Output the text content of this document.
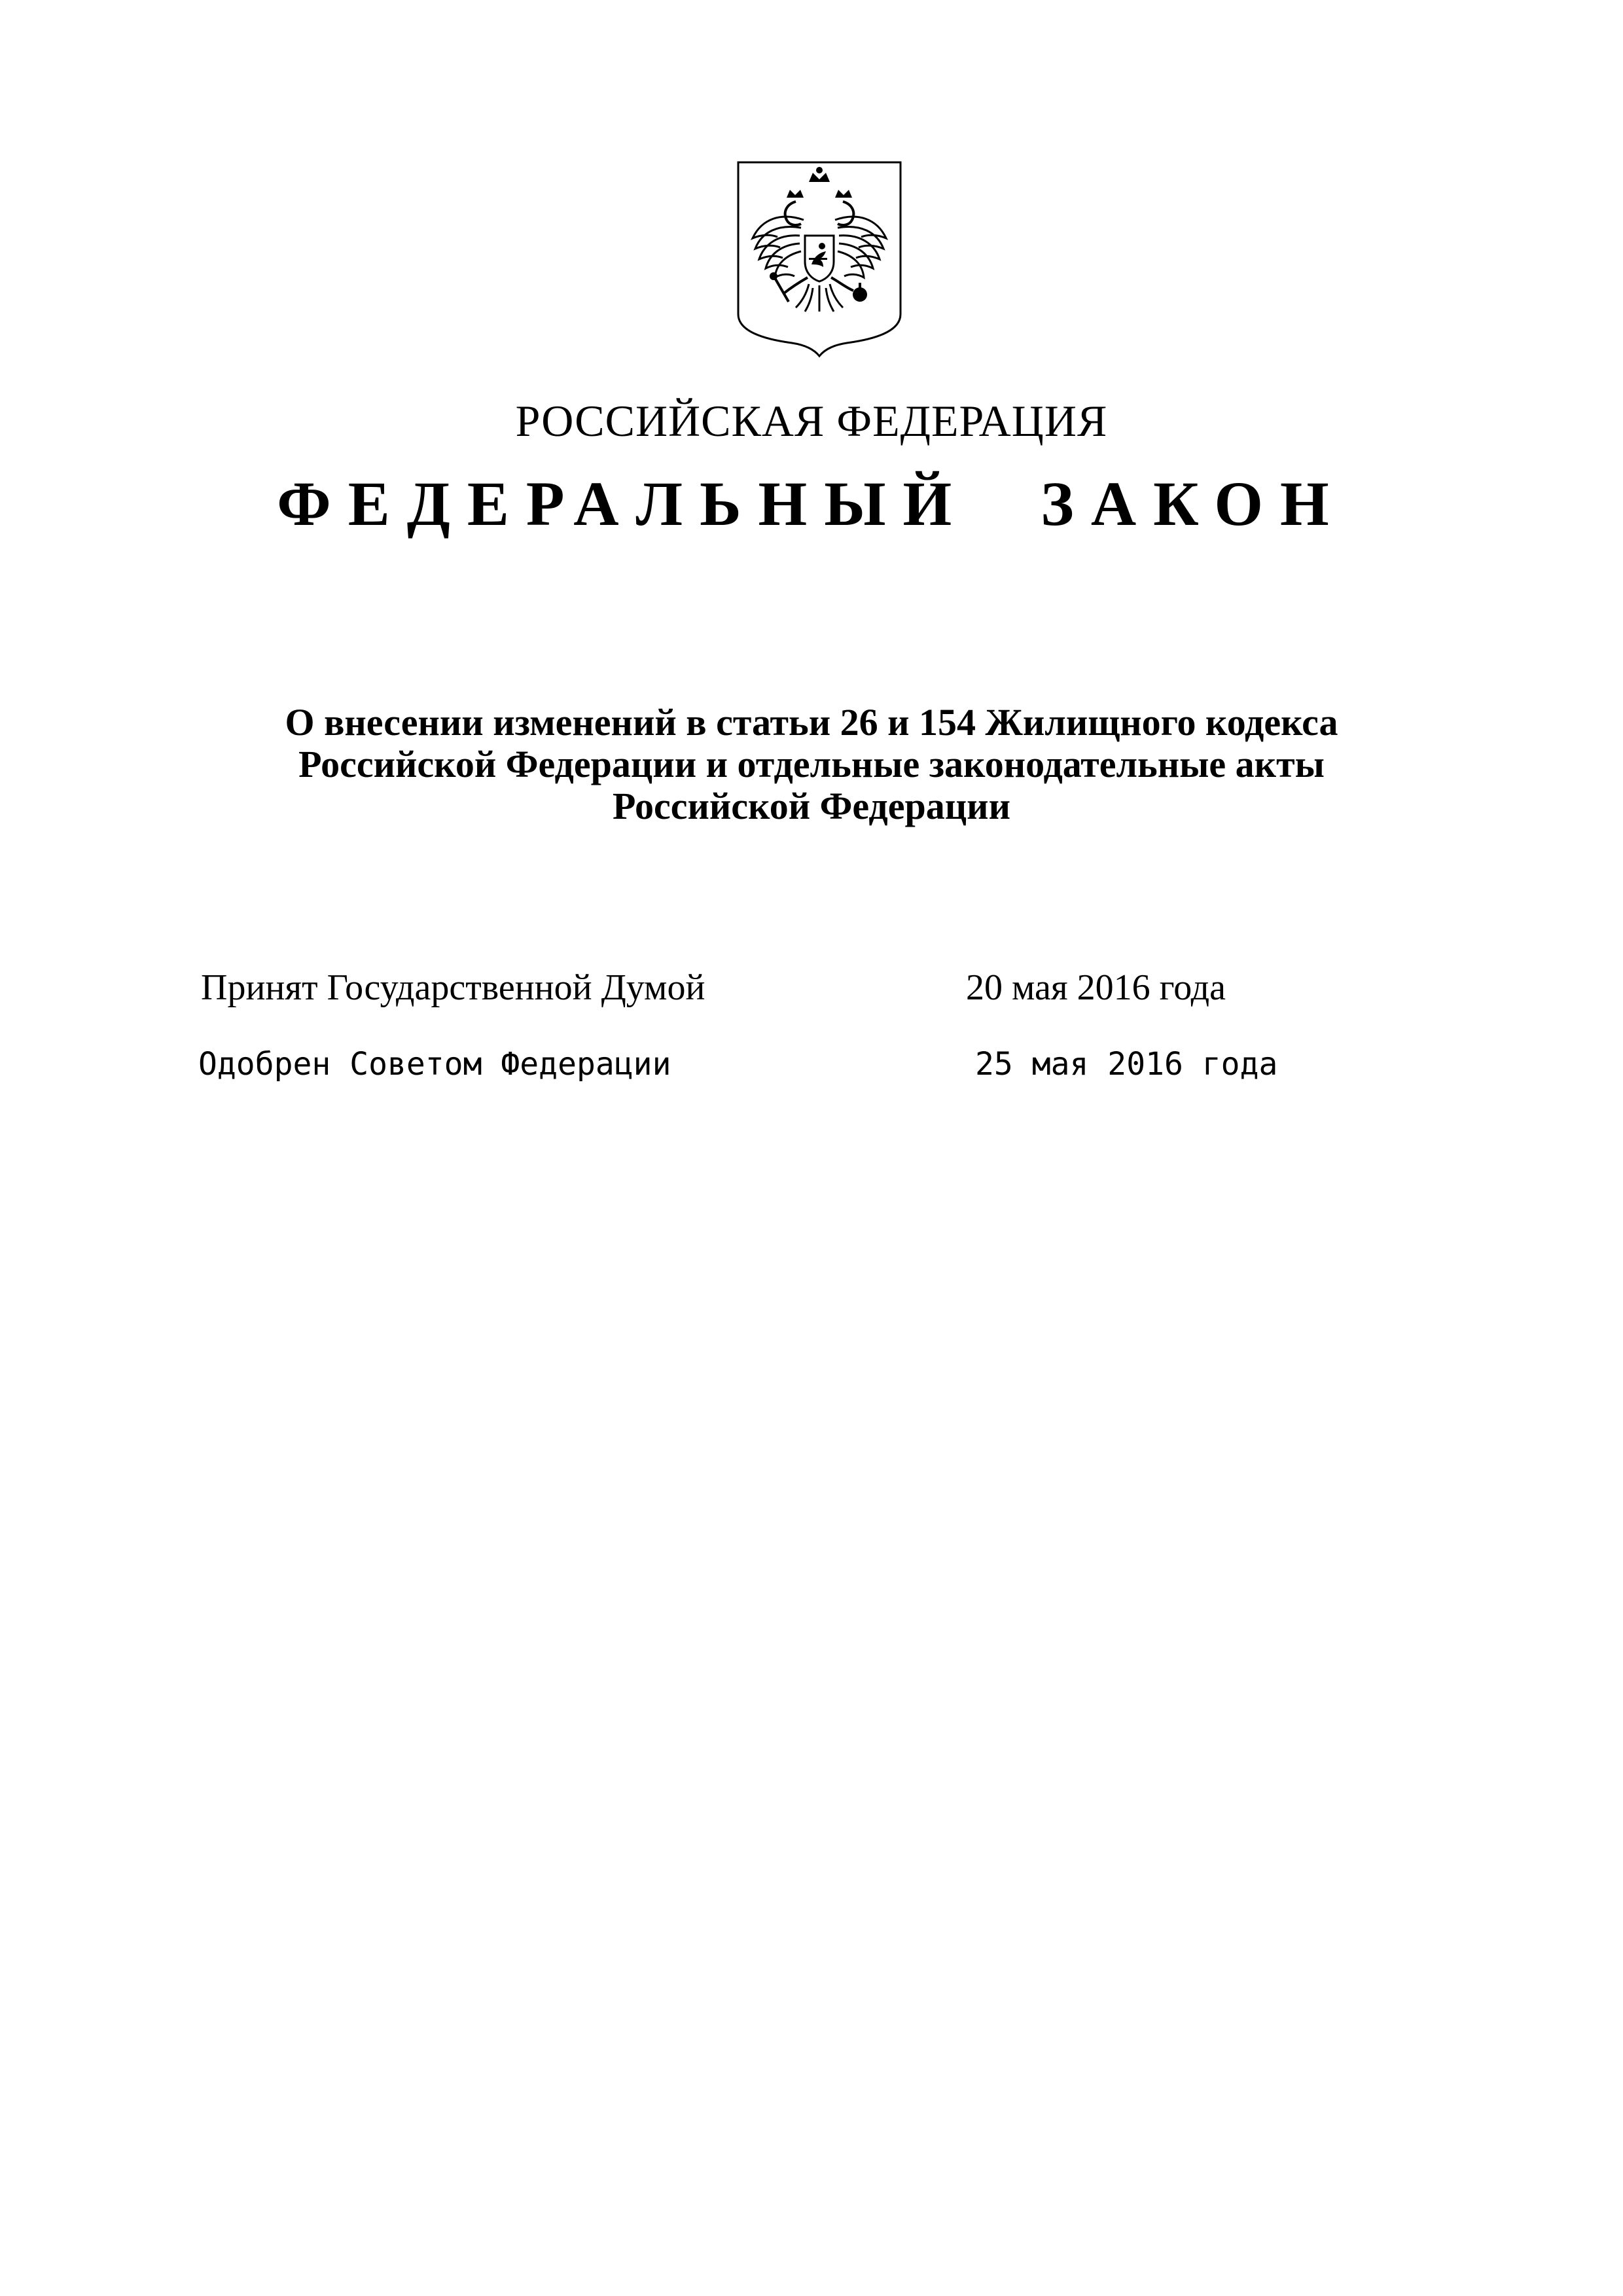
РОССИЙСКАЯ ФЕДЕРАЦИЯ
ФЕДЕРАЛЬНЫЙ ЗАКОН
О внесении изменений в статьи 26 и 154 Жилищного кодекса
Российской Федерации и отдельные законодательные акты
Российской Федерации
Принят Государственной Думой	20 мая 2016 года
Одобрен Советом Федерации	25 мая 2016 года
